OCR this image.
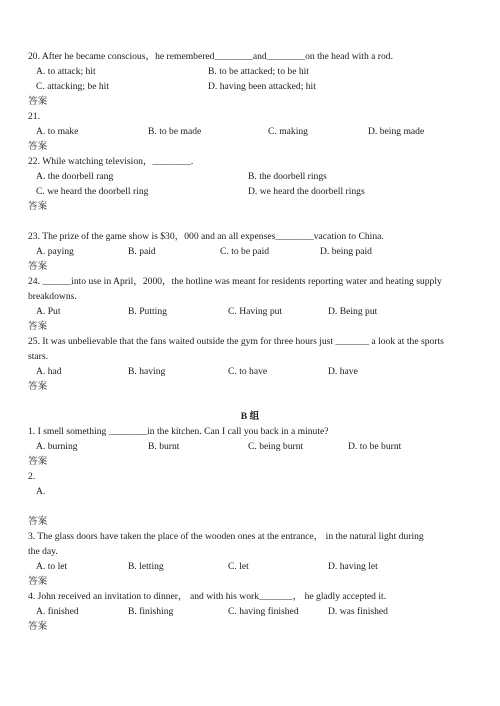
20. After he became conscious，he remembered________and________on the head with a rod.
A. to attack; hit	B. to be attacked; to be hit
C. attacking; be hit	D. having been attacked; hit
答案
21.
A. to make	B. to be made	C. making	D. being made
答案
22. While watching television，________.
A. the doorbell rang	B. the doorbell rings
C. we heard the doorbell ring	D. we heard the doorbell rings
答案
23. The prize of the game show is $30，000 and an all expenses________vacation to China.
A. paying	B. paid	C. to be paid	D. being paid
答案
24. ______into use in April，2000，the hotline was meant for residents reporting water and heating supply
breakdowns.
A. Put	B. Putting	C. Having put	D. Being put
答案
25. It was unbelievable that the fans waited outside the gym for three hours just _______ a look at the sports
stars.
A. had	B. having	C. to have	D. have
答案
B 组
1. I smell something ________in the kitchen. Can I call you back in a minute?
A. burning	B. burnt	C. being burnt	D. to be burnt
答案
2.
A.
答案
3. The glass doors have taken the place of the wooden ones at the entrance， in the natural light during
the day.
A. to let	B. letting	C. let	D. having let
答案
4. John received an invitation to dinner， and with his work_______， he gladly accepted it.
A. finished	B. finishing	C. having finished	D. was finished
答案
